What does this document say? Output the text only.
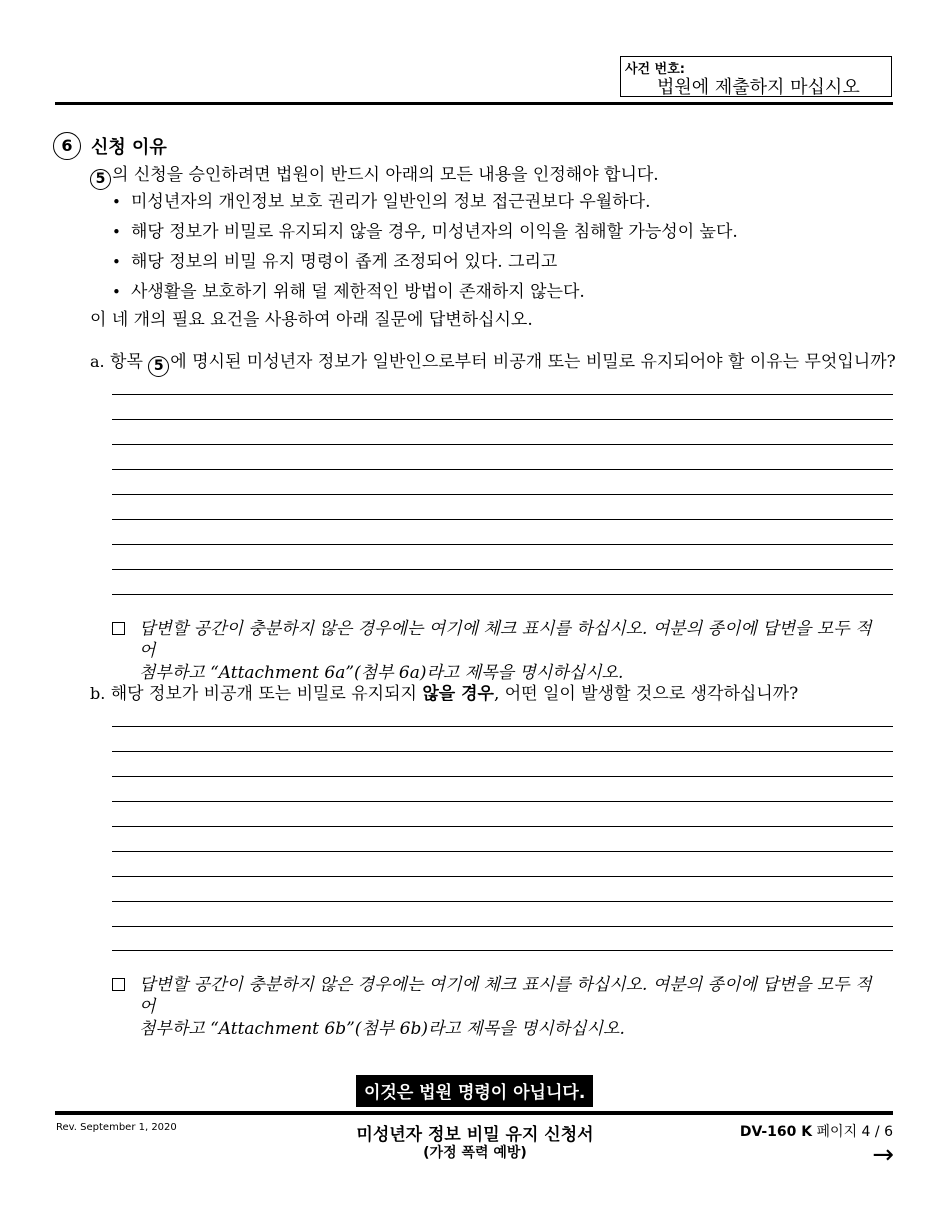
사건 번호:
법원에 제출하지 마십시오
6	신청 이유
5 의 신청을 승인하려면 법원이 반드시 아래의 모든 내용을 인정해야 합니다.
• 미성년자의 개인정보 보호 권리가 일반인의 정보 접근권보다 우월하다.
• 해당 정보가 비밀로 유지되지 않을 경우, 미성년자의 이익을 침해할 가능성이 높다.
• 해당 정보의 비밀 유지 명령이 좁게 조정되어 있다. 그리고
• 사생활을 보호하기 위해 덜 제한적인 방법이 존재하지 않는다.
이 네 개의 필요 요건을 사용하여 아래 질문에 답변하십시오.
a. 항목 5 에 명시된 미성년자 정보가 일반인으로부터 비공개 또는 비밀로 유지되어야 할 이유는 무엇입니까?
답변할 공간이 충분하지 않은 경우에는 여기에 체크 표시를 하십시오. 여분의 종이에 답변을 모두 적어
첨부하고 “Attachment 6a”(첨부 6a)라고 제목을 명시하십시오.
b. 해당 정보가 비공개 또는 비밀로 유지되지 않을 경우, 어떤 일이 발생할 것으로 생각하십니까?
답변할 공간이 충분하지 않은 경우에는 여기에 체크 표시를 하십시오. 여분의 종이에 답변을 모두 적어
첨부하고 “Attachment 6b”(첨부 6b)라고 제목을 명시하십시오.
이것은 법원 명령이 아닙니다.
Rev. September 1, 2020	미성년자 정보 비밀 유지 신청서
(가정 폭력 예방)
DV-160 K 페이지 4 / 6
→
